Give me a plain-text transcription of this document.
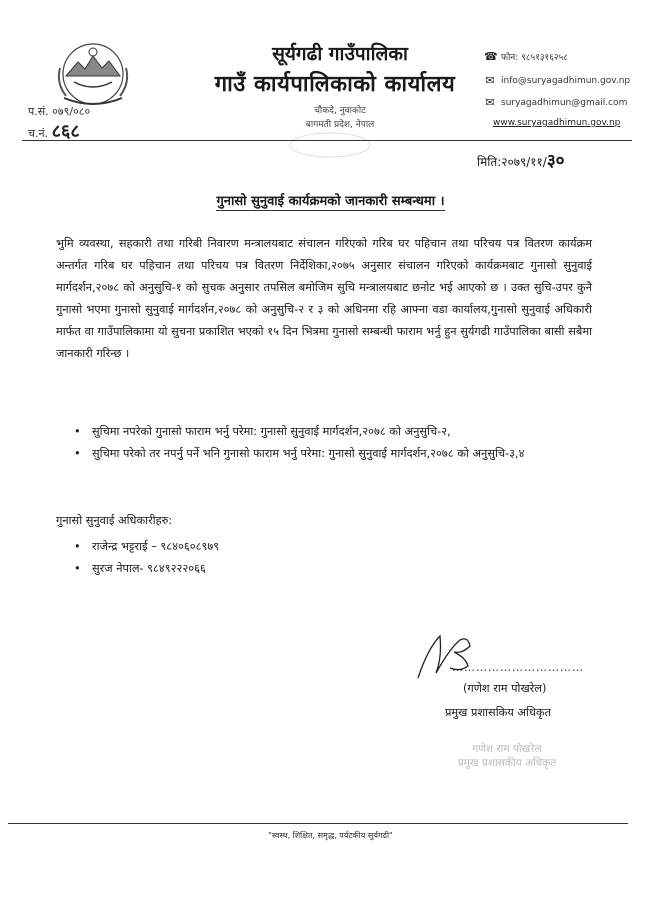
सूर्यगढी गाउँपालिका
गाउँ कार्यपालिकाको कार्यालय
चौकदे, नुवाकोट
बागमती प्रदेश, नेपाल
☎ फोन: ९८५१३१६२५८
✉ info@suryagadhimun.gov.np
✉ suryagadhimun@gmail.com
www.suryagadhimun.gov.np
प.सं. ०७९/०८०
च.नं. ८६८
मिति:२०७९/११/३०
गुनासो सुनुवाई कार्यक्रमको जानकारी सम्बन्धमा ।
भुमि व्यवस्था, सहकारी तथा गरिबी निवारण मन्त्रालयबाट संचालन गरिएको गरिब घर पहिचान तथा परिचय पत्र वितरण कार्यक्रम अन्तर्गत गरिब घर पहिचान तथा परिचय पत्र वितरण निर्देशिका,२०७५ अनुसार संचालन गरिएको कार्यक्रमबाट गुनासो सुनुवाई मार्गदर्शन,२०७८ को अनुसुचि-१ को सुचक अनुसार तपसिल बमोजिम सुचि मन्त्रालयबाट छनोट भई आएको छ । उक्त सुचि-उपर कुनै गुनासो भएमा गुनासो सुनुवाई मार्गदर्शन,२०७८ को अनुसुचि-२ र ३ को अधिनमा रहि आफ्ना वडा कार्यालय,गुनासो सुनुवाई अधिकारी मार्फत वा गाउँपालिकामा यो सुचना प्रकाशित भएको १५ दिन भित्रमा गुनासो सम्बन्धी फाराम भर्नु हुन सुर्यगढी गाउँपालिका बासी सबैमा जानकारी गरिन्छ ।
• सुचिमा नपरेको गुनासो फाराम भर्नु परेमा: गुनासो सुनुवाई मार्गदर्शन,२०७८ को अनुसुचि-२,
• सुचिमा परेको तर नपर्नु पर्ने भनि गुनासो फाराम भर्नु परेमा: गुनासो सुनुवाई मार्गदर्शन,२०७८ को अनुसुचि-३,४
गुनासो सुनुवाई अधिकारीहरु:
• राजेन्द्र भट्टराई – ९८४०६०८९७९
• सुरज नेपाल- ९८४९२२२०६६
……………………………
(गणेश राम पोखरेल)
प्रमुख प्रशासकिय अधिकृत
गणेश राम पोखरेल
प्रमुख प्रशासकीय अधिकृत
"स्वस्थ, शिक्षित, समृद्ध, पर्यटकीय सुर्यगढी"
